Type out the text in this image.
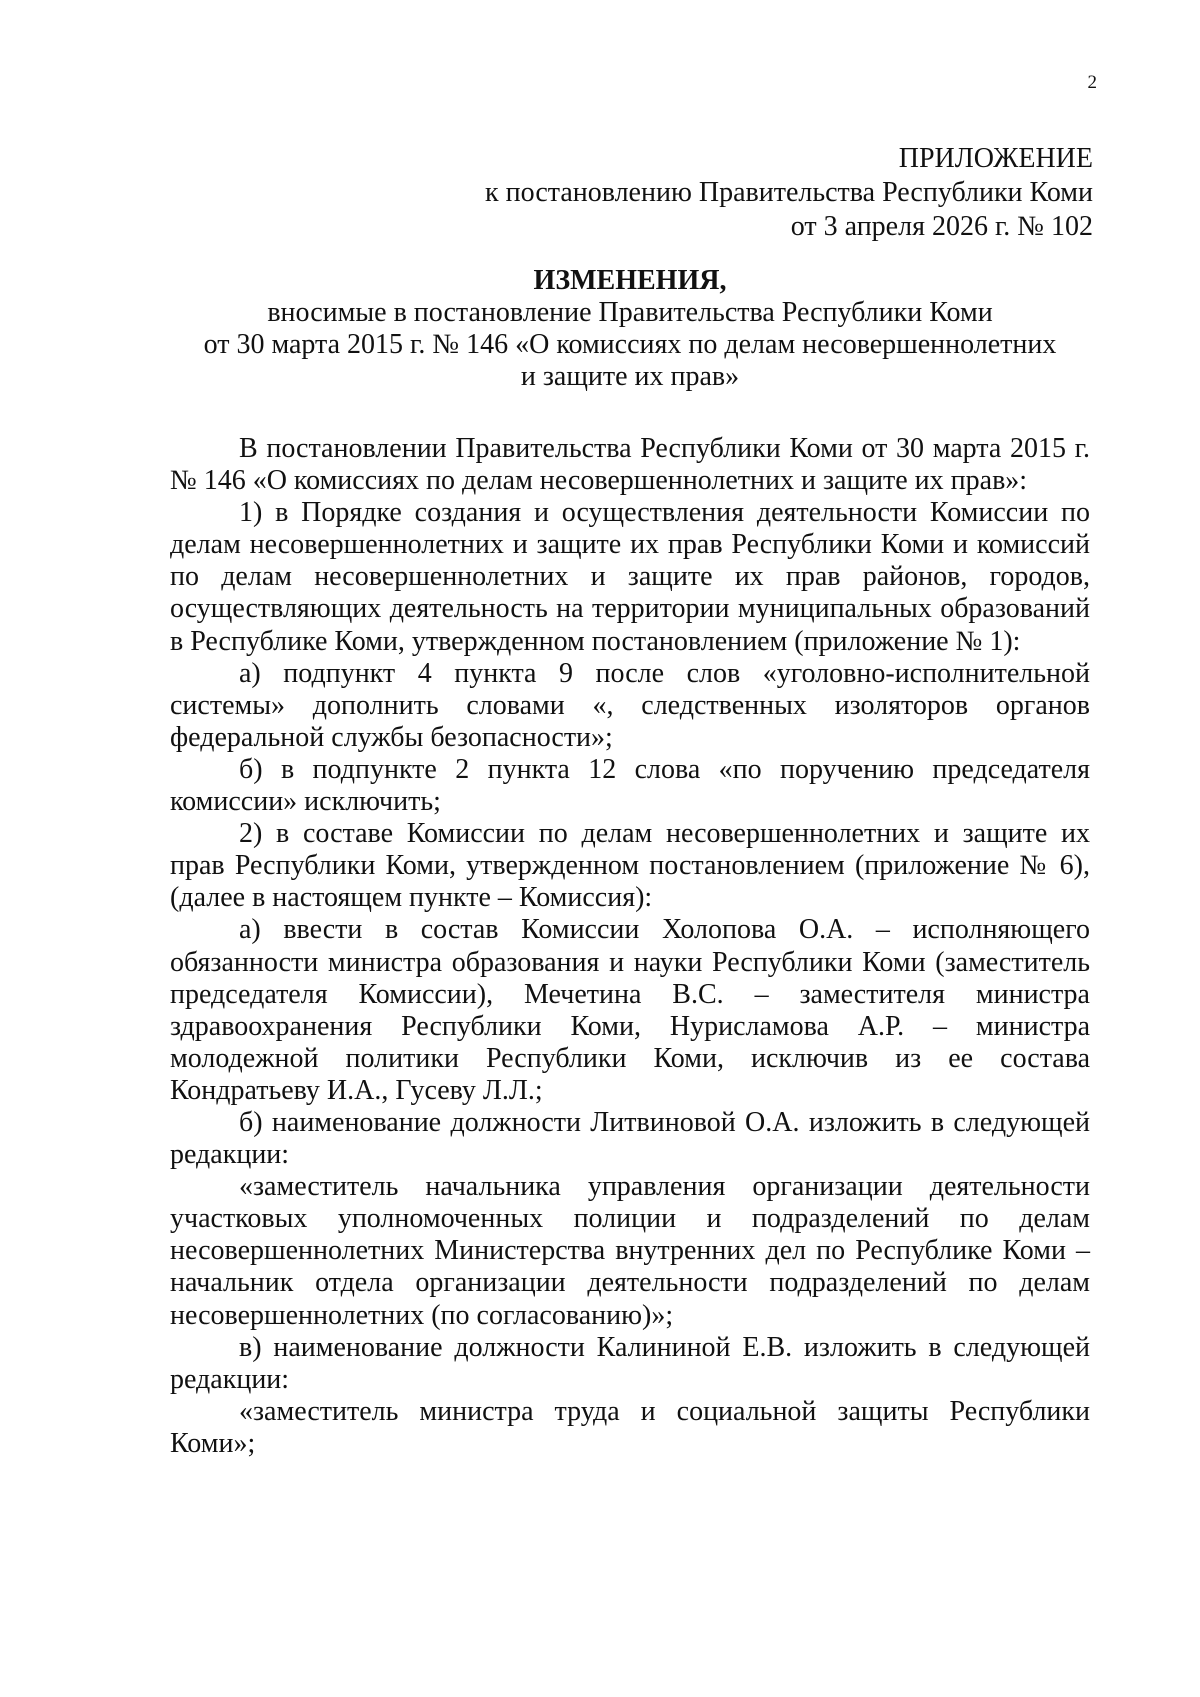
2
ПРИЛОЖЕНИЕ
к постановлению Правительства Республики Коми
от 3 апреля 2026 г. № 102
ИЗМЕНЕНИЯ,
вносимые в постановление Правительства Республики Коми
от 30 марта 2015 г. № 146 «О комиссиях по делам несовершеннолетних
и защите их прав»

В постановлении Правительства Республики Коми от 30 марта 2015 г. № 146 «О комиссиях по делам несовершеннолетних и защите их прав»:

1) в Порядке создания и осуществления деятельности Комиссии по делам несовершеннолетних и защите их прав Республики Коми и комиссий по делам несовершеннолетних и защите их прав районов, городов, осуществляющих деятельность на территории муниципальных образований в Республике Коми, утвержденном постановлением (приложение № 1):

а) подпункт 4 пункта 9 после слов «уголовно-исполнительной системы» дополнить словами «, следственных изоляторов органов федеральной службы безопасности»;

б) в подпункте 2 пункта 12 слова «по поручению председателя комиссии» исключить;

2) в составе Комиссии по делам несовершеннолетних и защите их прав Республики Коми, утвержденном постановлением (приложение № 6), (далее в настоящем пункте – Комиссия):

а) ввести в состав Комиссии Холопова О.А. – исполняющего обязанности министра образования и науки Республики Коми (заместитель председателя Комиссии), Мечетина В.С. – заместителя министра здравоохранения Республики Коми, Нурисламова А.Р. – министра молодежной политики Республики Коми, исключив из ее состава Кондратьеву И.А., Гусеву Л.Л.;

б) наименование должности Литвиновой О.А. изложить в следующей редакции:

«заместитель начальника управления организации деятельности участковых уполномоченных полиции и подразделений по делам несовершеннолетних Министерства внутренних дел по Республике Коми – начальник отдела организации деятельности подразделений по делам несовершеннолетних (по согласованию)»;

в) наименование должности Калининой Е.В. изложить в следующей редакции:

«заместитель министра труда и социальной защиты Республики Коми»;
